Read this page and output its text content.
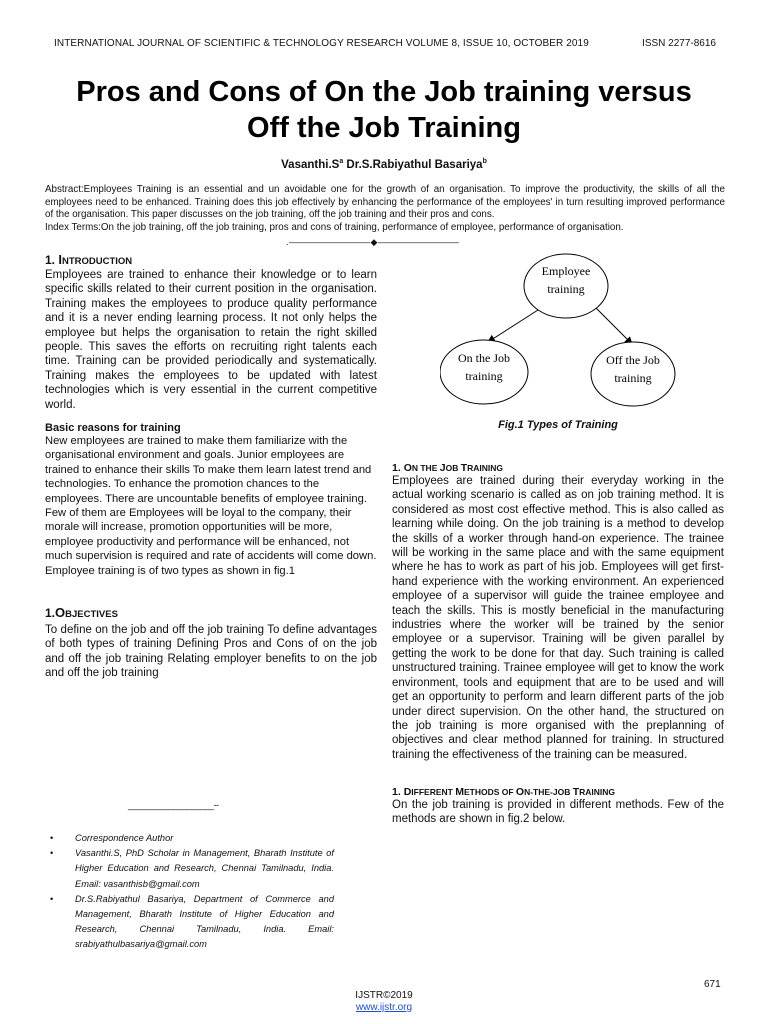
INTERNATIONAL JOURNAL OF SCIENTIFIC & TECHNOLOGY RESEARCH VOLUME 8, ISSUE 10, OCTOBER 2019	ISSN 2277-8616
Pros and Cons of On the Job training versus
Off the Job Training
$Vasanthi.S^a$ Dr.S.Rabiyathul Basariya$^b$
Abstract:Employees Training is an essential and un avoidable one for the growth of an organisation. To improve the productivity, the skills of all the employees need to be enhanced. Training does this job effectively by enhancing the performance of the employees' in turn resulting improved performance of the organisation. This paper discusses on the job training, off the job training and their pros and cons.
Index Terms:On the job training, off the job training, pros and cons of training, performance of employee, performance of organisation.
. —————————— ◆ ——————————
1. INTRODUCTION
Employees are trained to enhance their knowledge or to learn specific skills related to their current position in the organisation. Training makes the employees to produce quality performance and it is a never ending learning process. It not only helps the employee but helps the organisation to retain the right skilled people. This saves the efforts on recruiting right talents each time. Training can be provided periodically and systematically. Training makes the employees to be updated with latest technologies which is very essential in the current competitive world.
Basic reasons for training
New employees are trained to make them familiarize with the organisational environment and goals. Junior employees are trained to enhance their skills To make them learn latest trend and technologies. To enhance the promotion chances to the employees. There are uncountable benefits of employee training. Few of them are Employees will be loyal to the company, their morale will increase, promotion opportunities will be more, employee productivity and performance will be enhanced, not much supervision is required and rate of accidents will come down. Employee training is of two types as shown in fig.1
1.OBJECTIVES
To define on the job and off the job training To define advantages of both types of training Defining Pros and Cons of on the job and off the job training Relating employer benefits to on the job and off the job training
Employee
training
On the Job
training
Off the Job
training
Fig.1 Types of Training
1. ON THE JOB TRAINING
Employees are trained during their everyday working in the actual working scenario is called as on job training method. It is considered as most cost effective method. This is also called as learning while doing. On the job training is a method to develop the skills of a worker through hand-on experience. The trainee will be working in the same place and with the same equipment where he has to work as part of his job. Employees will get first-hand experience with the working environment. An experienced employee of a supervisor will guide the trainee employee and teach the skills. This is mostly beneficial in the manufacturing industries where the worker will be trained by the senior employee or a supervisor. Training will be given parallel by getting the work to be done for that day. Such training is called unstructured training. Trainee employee will get to know the work environment, tools and equipment that are to be used and will get an opportunity to perform and learn different parts of the job under direct supervision. On the other hand, the structured on the job training is more organised with the preplanning of objectives and clear method planned for training. In structured training the effectiveness of the training can be measured.
1. DIFFERENT METHODS OF ON-THE-JOB TRAINING
On the job training is provided in different methods. Few of the methods are shown in fig.2 below.
___________________--
• Correspondence Author
• Vasanthi.S, PhD Scholar in Management, Bharath Institute of Higher Education and Research, Chennai Tamilnadu, India. Email: vasanthisb@gmail.com
• Dr.S.Rabiyathul Basariya, Department of Commerce and Management, Bharath Institute of Higher Education and Research, Chennai Tamilnadu, India. Email: srabiyathulbasariya@gmail.com
671
IJSTR©2019
www.ijstr.org
